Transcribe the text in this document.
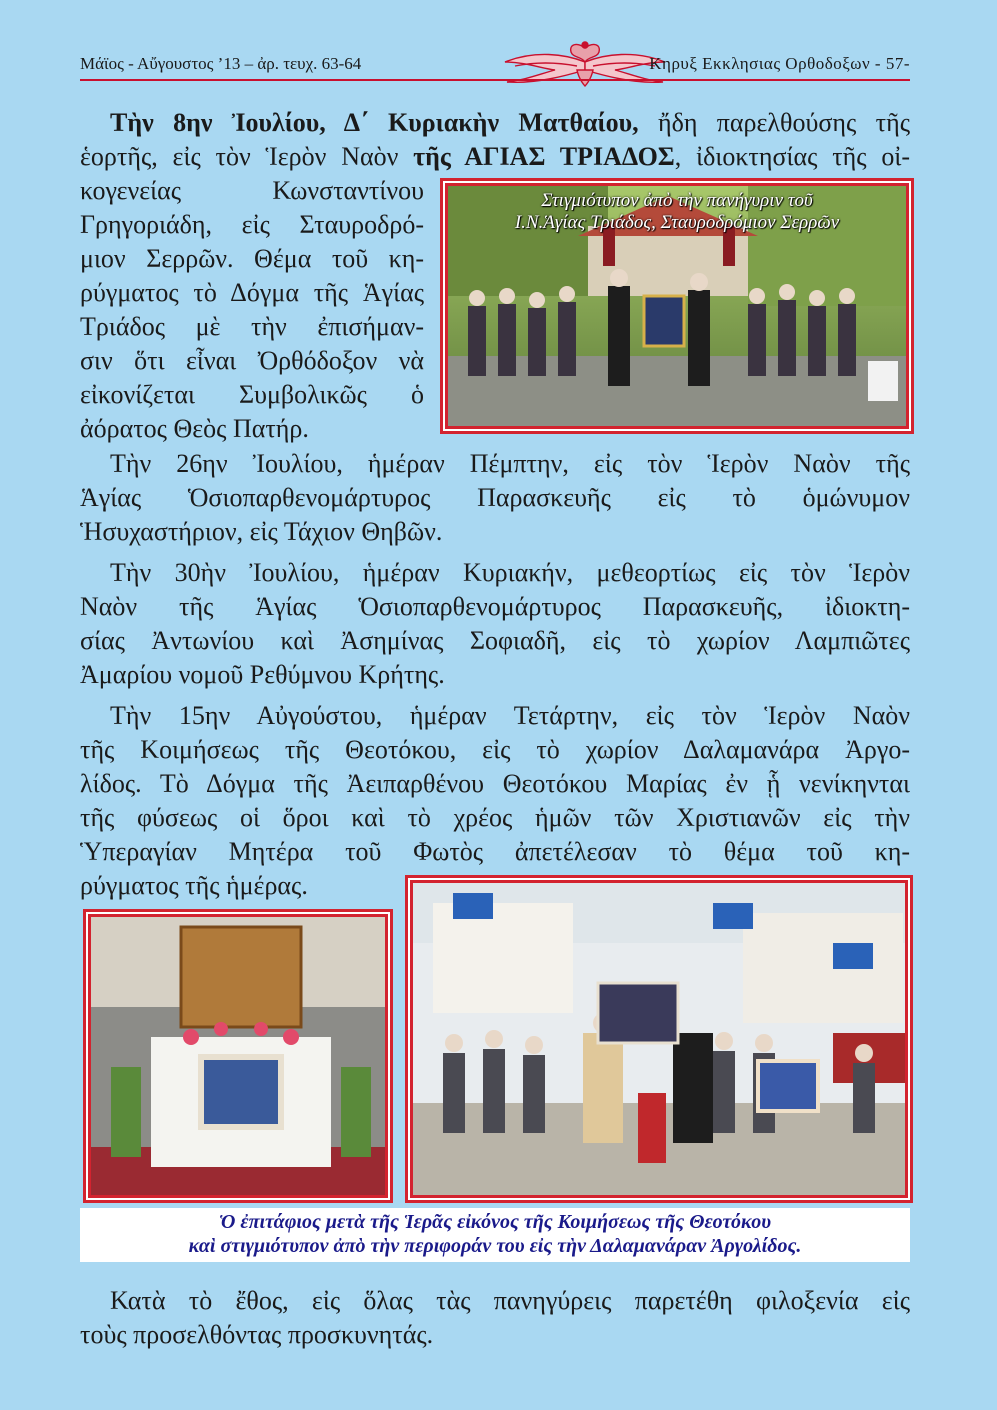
Μάϊος - Αὔγουστος ’13 – ἀρ. τευχ. 63-64	Κηρυξ Εκκλησιας Ορθοδοξων - 57-

Τὴν 8ην Ἰουλίου, Δ΄ Κυριακὴν Ματθαίου, ἤδη παρελθούσης τῆς

ἑορτῆς, εἰς τὸν Ἱερὸν Ναὸν τῆς ΑΓΙΑΣ ΤΡΙΑΔΟΣ, ἰδιοκτησίας τῆς οἰ-

κογενείας Κωνσταντίνου

Γρηγοριάδη, εἰς Σταυροδρό-

μιον Σερρῶν. Θέμα τοῦ κη-

ρύγματος τὸ Δόγμα τῆς Ἁγίας

Τριάδος μὲ τὴν ἐπισήμαν-

σιν ὅτι εἶναι Ὀρθόδοξον νὰ

εἰκονίζεται Συμβολικῶς ὁ

ἀόρατος Θεὸς Πατήρ.

Στιγμιότυπον ἀπὸ τὴν πανήγυριν τοῦ
Ι.Ν.Ἁγίας Τριάδος, Σταυροδρόμιον Σερρῶν

Τὴν 26ην Ἰουλίου, ἡμέραν Πέμπτην, εἰς τὸν Ἱερὸν Ναὸν τῆς

Ἁγίας Ὁσιοπαρθενομάρτυρος Παρασκευῆς εἰς τὸ ὁμώνυμον

Ἡσυχαστήριον, εἰς Τάχιον Θηβῶν.

Τὴν 30ὴν Ἰουλίου, ἡμέραν Κυριακήν, μεθεορτίως εἰς τὸν Ἱερὸν

Ναὸν τῆς Ἁγίας Ὁσιοπαρθενομάρτυρος Παρασκευῆς, ἰδιοκτη-

σίας Ἀντωνίου καὶ Ἀσημίνας Σοφιαδῆ, εἰς τὸ χωρίον Λαμπιῶτες

Ἀμαρίου νομοῦ Ρεθύμνου Κρήτης.

Τὴν 15ην Αὐγούστου, ἡμέραν Τετάρτην, εἰς τὸν Ἱερὸν Ναὸν

τῆς Κοιμήσεως τῆς Θεοτόκου, εἰς τὸ χωρίον Δαλαμανάρα Ἀργο-

λίδος. Τὸ Δόγμα τῆς Ἀειπαρθένου Θεοτόκου Μαρίας ἐν ᾗ νενίκηνται

τῆς φύσεως οἱ ὅροι καὶ τὸ χρέος ἡμῶν τῶν Χριστιανῶν εἰς τὴν

Ὑπεραγίαν Μητέρα τοῦ Φωτὸς ἀπετέλεσαν τὸ θέμα τοῦ κη-

ρύγματος τῆς ἡμέρας.

Ὁ ἐπιτάφιος μετὰ τῆς Ἱερᾶς εἰκόνος τῆς Κοιμήσεως τῆς Θεοτόκου
καὶ στιγμιότυπον ἀπὸ τὴν περιφοράν του εἰς τὴν Δαλαμανάραν Ἀργολίδος.

Κατὰ τὸ ἔθος, εἰς ὅλας τὰς πανηγύρεις παρετέθη φιλοξενία εἰς

τοὺς προσελθόντας προσκυνητάς.
